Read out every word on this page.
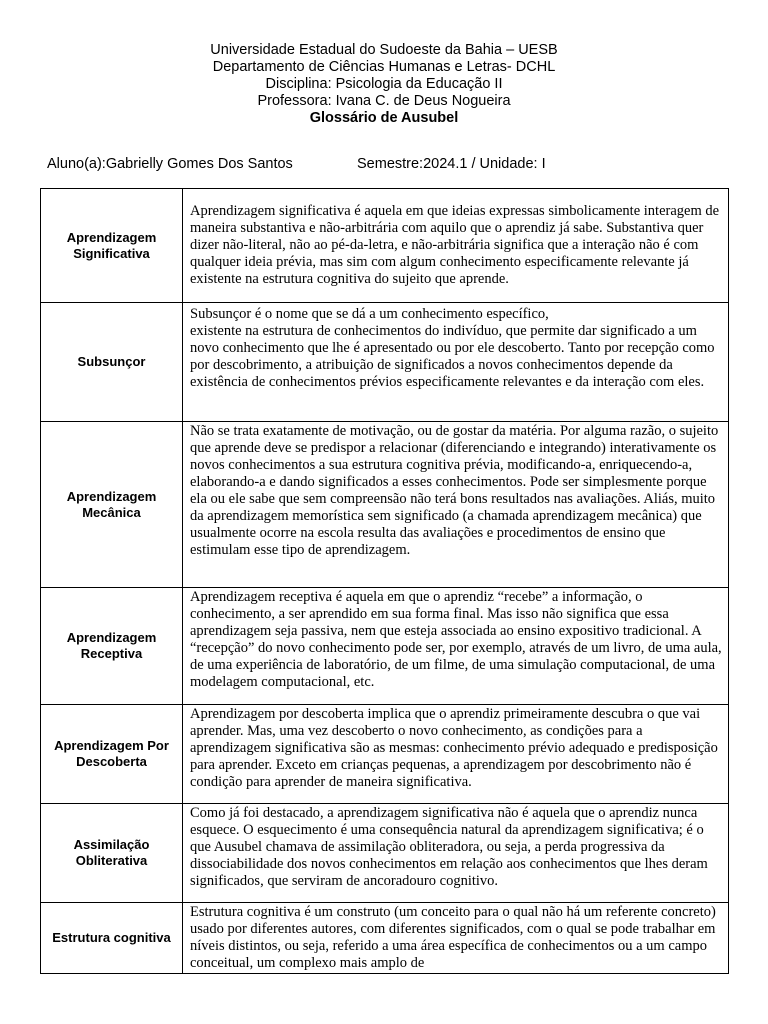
Universidade Estadual do Sudoeste da Bahia – UESB
Departamento de Ciências Humanas e Letras- DCHL
Disciplina: Psicologia da Educação II
Professora: Ivana C. de Deus Nogueira
Glossário de Ausubel
Aluno(a):Gabrielly Gomes Dos Santos	Semestre:2024.1 / Unidade: I
Aprendizagem Significativa	Aprendizagem significativa é aquela em que ideias expressas simbolicamente interagem de maneira substantiva e não-arbitrária com aquilo que o aprendiz já sabe. Substantiva quer dizer não-literal, não ao pé-da-letra, e não-arbitrária significa que a interação não é com qualquer ideia prévia, mas sim com algum conhecimento especificamente relevante já existente na estrutura cognitiva do sujeito que aprende.

Subsunçor	Subsunçor é o nome que se dá a um conhecimento específico,

existente na estrutura de conhecimentos do indivíduo, que permite dar significado a um novo conhecimento que lhe é apresentado ou por ele descoberto. Tanto por recepção como por descobrimento, a atribuição de significados a novos conhecimentos depende da existência de conhecimentos prévios especificamente relevantes e da interação com eles.

Aprendizagem Mecânica	Não se trata exatamente de motivação, ou de gostar da matéria. Por alguma razão, o sujeito que aprende deve se predispor a relacionar (diferenciando e integrando) interativamente os novos conhecimentos a sua estrutura cognitiva prévia, modificando-a, enriquecendo-a, elaborando-a e dando significados a esses conhecimentos. Pode ser simplesmente porque ela ou ele sabe que sem compreensão não terá bons resultados nas avaliações. Aliás, muito da aprendizagem memorística sem significado (a chamada aprendizagem mecânica) que usualmente ocorre na escola resulta das avaliações e procedimentos de ensino que estimulam esse tipo de aprendizagem.

Aprendizagem Receptiva	Aprendizagem receptiva é aquela em que o aprendiz “recebe” a informação, o conhecimento, a ser aprendido em sua forma final. Mas isso não significa que essa aprendizagem seja passiva, nem que esteja associada ao ensino expositivo tradicional. A “recepção” do novo conhecimento pode ser, por exemplo, através de um livro, de uma aula, de uma experiência de laboratório, de um filme, de uma simulação computacional, de uma modelagem computacional, etc.

Aprendizagem Por Descoberta	Aprendizagem por descoberta implica que o aprendiz primeiramente descubra o que vai aprender. Mas, uma vez descoberto o novo conhecimento, as condições para a aprendizagem significativa são as mesmas: conhecimento prévio adequado e predisposição para aprender. Exceto em crianças pequenas, a aprendizagem por descobrimento não é condição para aprender de maneira significativa.

Assimilação Obliterativa	Como já foi destacado, a aprendizagem significativa não é aquela que o aprendiz nunca esquece. O esquecimento é uma consequência natural da aprendizagem significativa; é o que Ausubel chamava de assimilação obliteradora, ou seja, a perda progressiva da dissociabilidade dos novos conhecimentos em relação aos conhecimentos que lhes deram significados, que serviram de ancoradouro cognitivo.

Estrutura cognitiva	Estrutura cognitiva é um construto (um conceito para o qual não há um referente concreto) usado por diferentes autores, com diferentes significados, com o qual se pode trabalhar em níveis distintos, ou seja, referido a uma área específica de conhecimentos ou a um campo conceitual, um complexo mais amplo de
